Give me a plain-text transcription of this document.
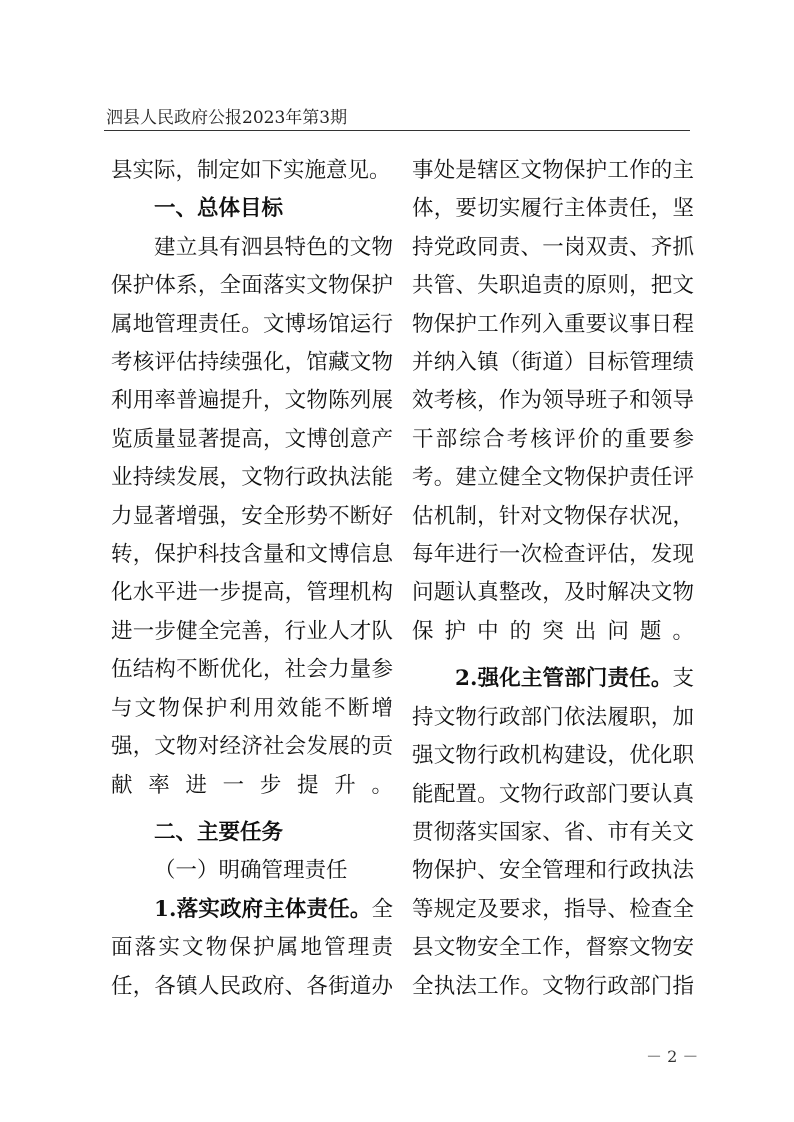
泗县人民政府公报2023年第3期

县实际，制定如下实施意见。

一、总体目标

建立具有泗县特色的文物保护体系，全面落实文物保护属地管理责任。文博场馆运行考核评估持续强化，馆藏文物利用率普遍提升，文物陈列展览质量显著提高，文博创意产业持续发展，文物行政执法能力显著增强，安全形势不断好转，保护科技含量和文博信息化水平进一步提高，管理机构进一步健全完善，行业人才队伍结构不断优化，社会力量参与文物保护利用效能不断增强，文物对经济社会发展的贡献率进一步提升。

二、主要任务

（一）明确管理责任

1.落实政府主体责任。全面落实文物保护属地管理责任，各镇人民政府、各街道办

事处是辖区文物保护工作的主体，要切实履行主体责任，坚持党政同责、一岗双责、齐抓共管、失职追责的原则，把文物保护工作列入重要议事日程并纳入镇（街道）目标管理绩效考核，作为领导班子和领导干部综合考核评价的重要参考。建立健全文物保护责任评估机制，针对文物保存状况，每年进行一次检查评估，发现问题认真整改，及时解决文物保护中的突出问题。

2.强化主管部门责任。支持文物行政部门依法履职，加强文物行政机构建设，优化职能配置。文物行政部门要认真贯彻落实国家、省、市有关文物保护、安全管理和行政执法等规定及要求，指导、检查全县文物安全工作，督察文物安全执法工作。文物行政部门指

－ 2 －
